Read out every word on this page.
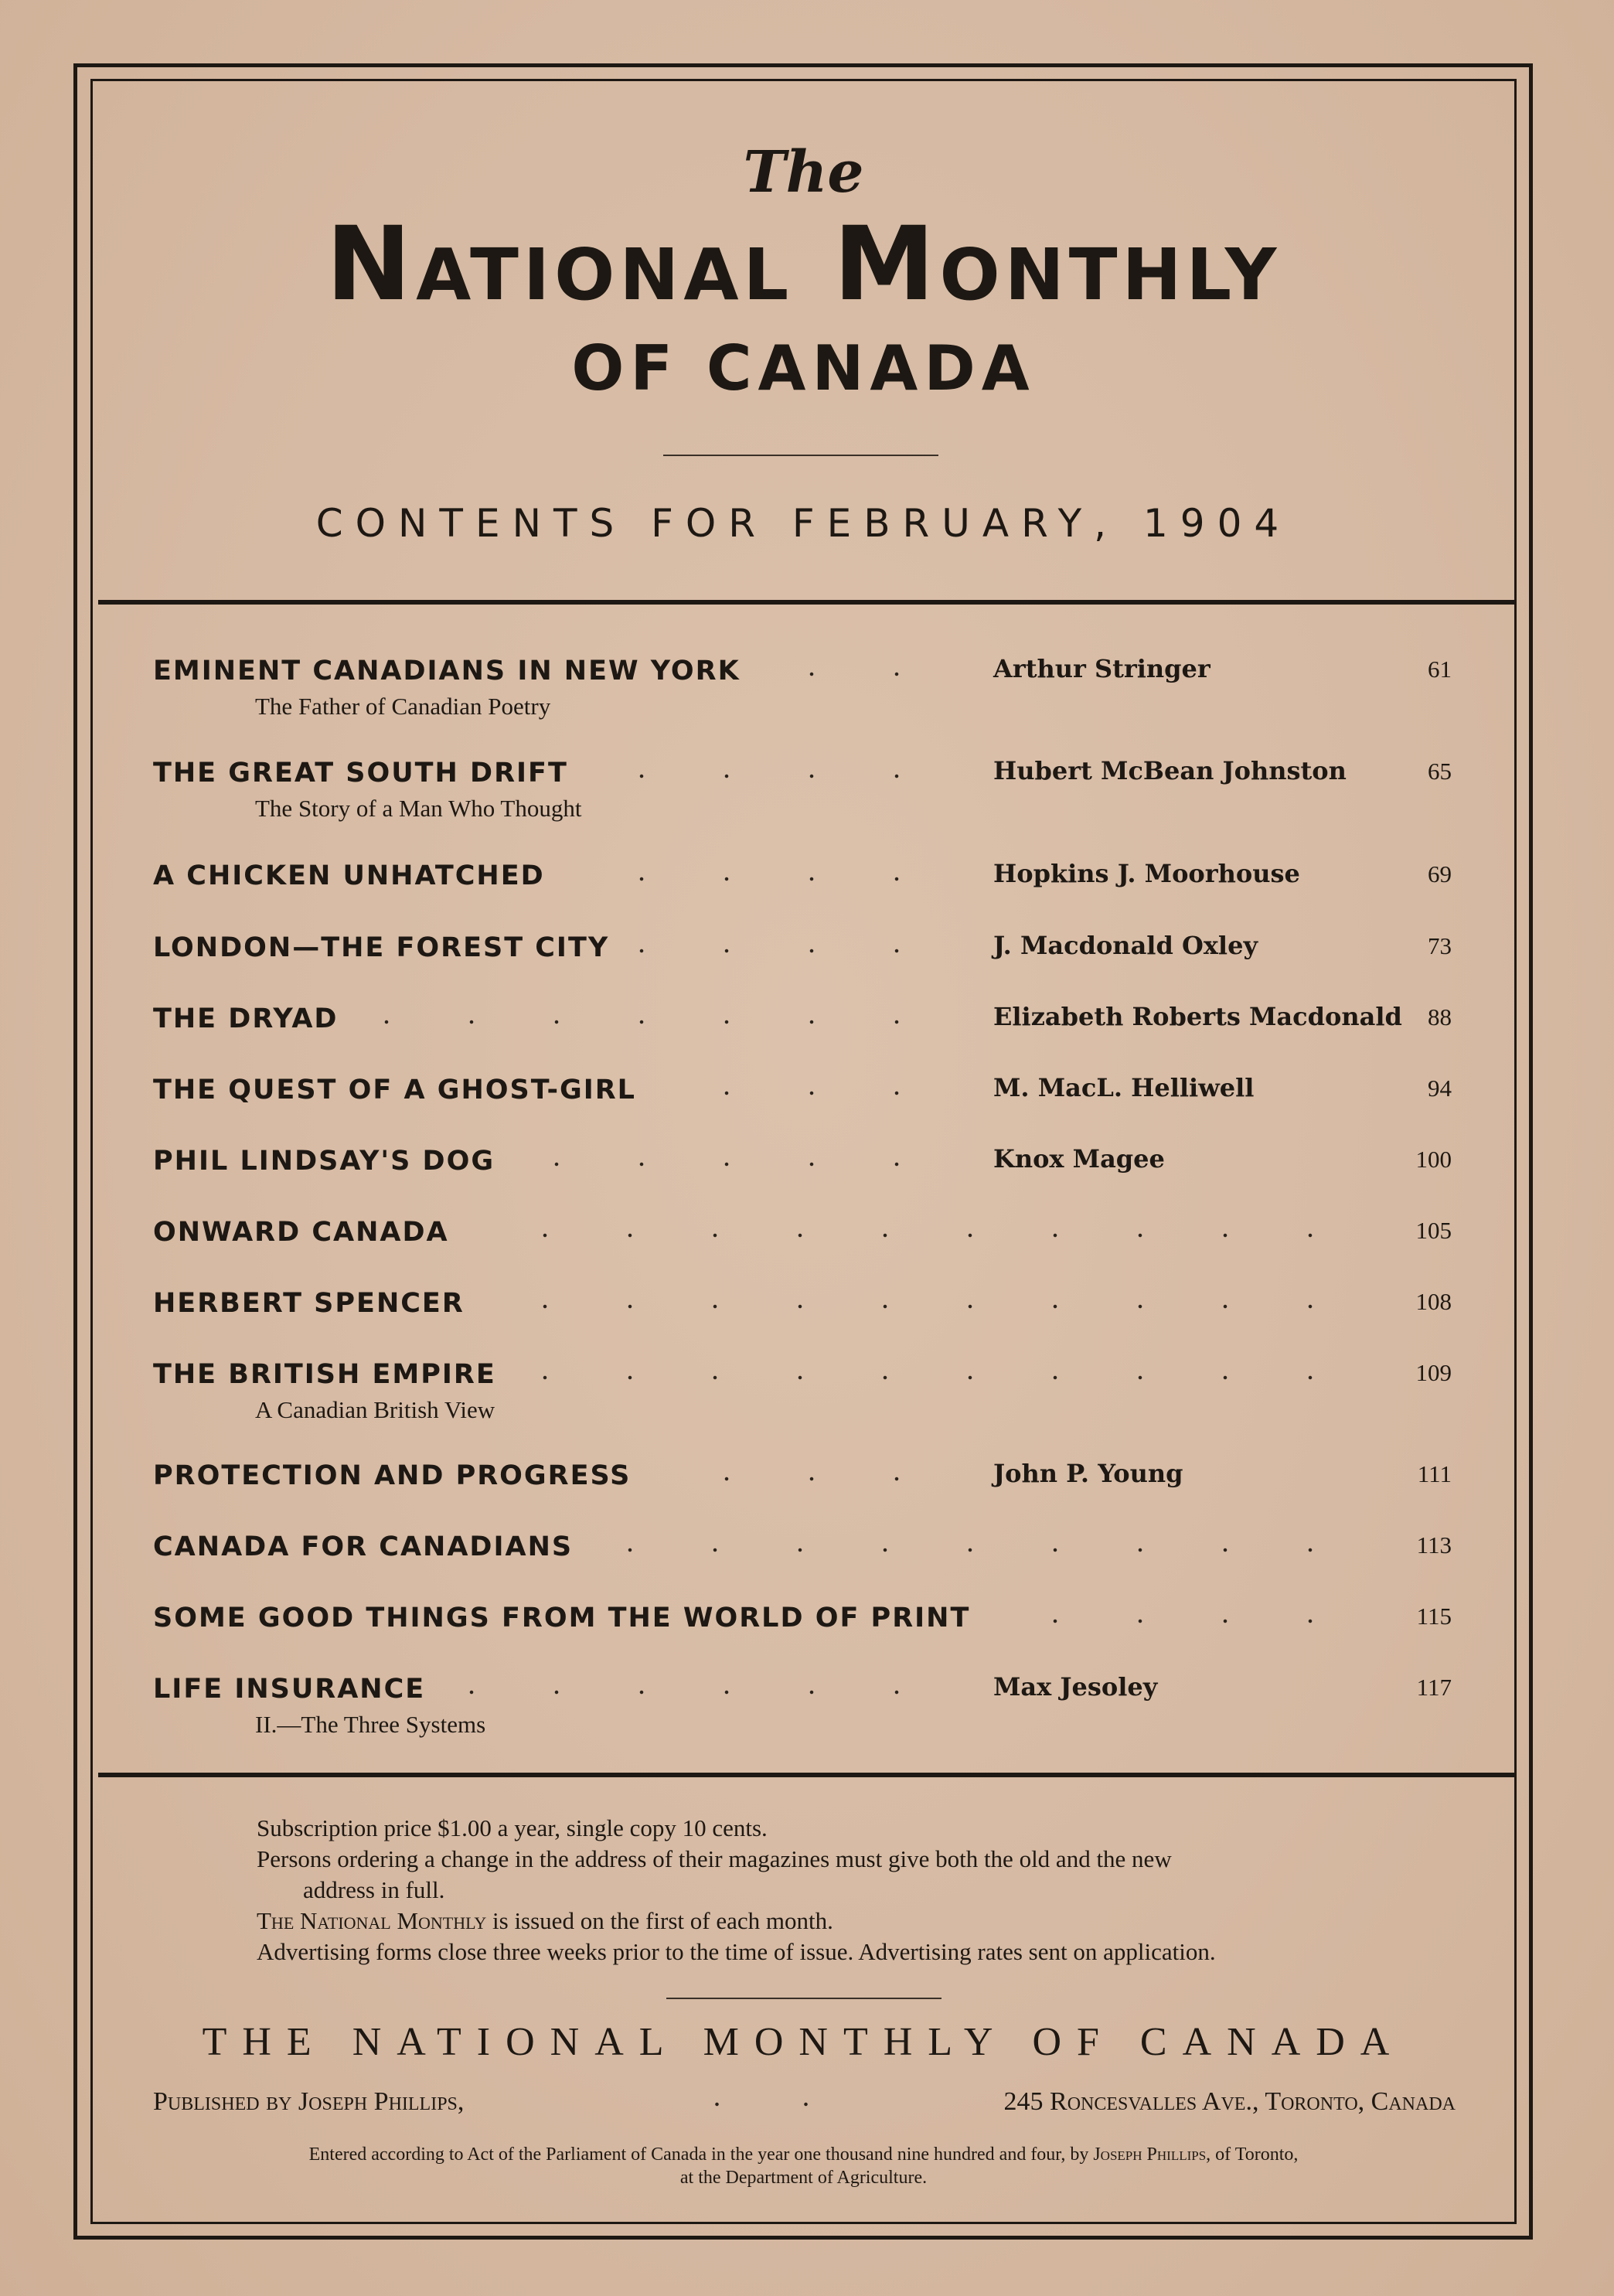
The
National Monthly
OF CANADA
CONTENTS FOR FEBRUARY, 1904
EMINENT CANADIANS IN NEW YORK	Arthur Stringer	61
The Father of Canadian Poetry
THE GREAT SOUTH DRIFT	Hubert McBean Johnston	65
The Story of a Man Who Thought
A CHICKEN UNHATCHED	Hopkins J. Moorhouse	69
LONDON—THE FOREST CITY	J. Macdonald Oxley	73
THE DRYAD	Elizabeth Roberts Macdonald 88
THE QUEST OF A GHOST-GIRL	M. MacL. Helliwell	94
PHIL LINDSAY'S DOG	Knox Magee	100
ONWARD CANADA	105
HERBERT SPENCER	108
THE BRITISH EMPIRE	109
A Canadian British View
PROTECTION AND PROGRESS	John P. Young	111
CANADA FOR CANADIANS	113
SOME GOOD THINGS FROM THE WORLD OF PRINT	115
LIFE INSURANCE	Max Jesoley	117
II.—The Three Systems

Subscription price $1.00 a year, single copy 10 cents.

Persons ordering a change in the address of their magazines must give both the old and the new

address in full.

The National Monthly is issued on the first of each month.

Advertising forms close three weeks prior to the time of issue. Advertising rates sent on application.

THE NATIONAL MONTHLY OF CANADA
Published by Joseph Phillips,	245 Roncesvalles Ave., Toronto, Canada
Entered according to Act of the Parliament of Canada in the year one thousand nine hundred and four, by Joseph Phillips, of Toronto,
at the Department of Agriculture.
